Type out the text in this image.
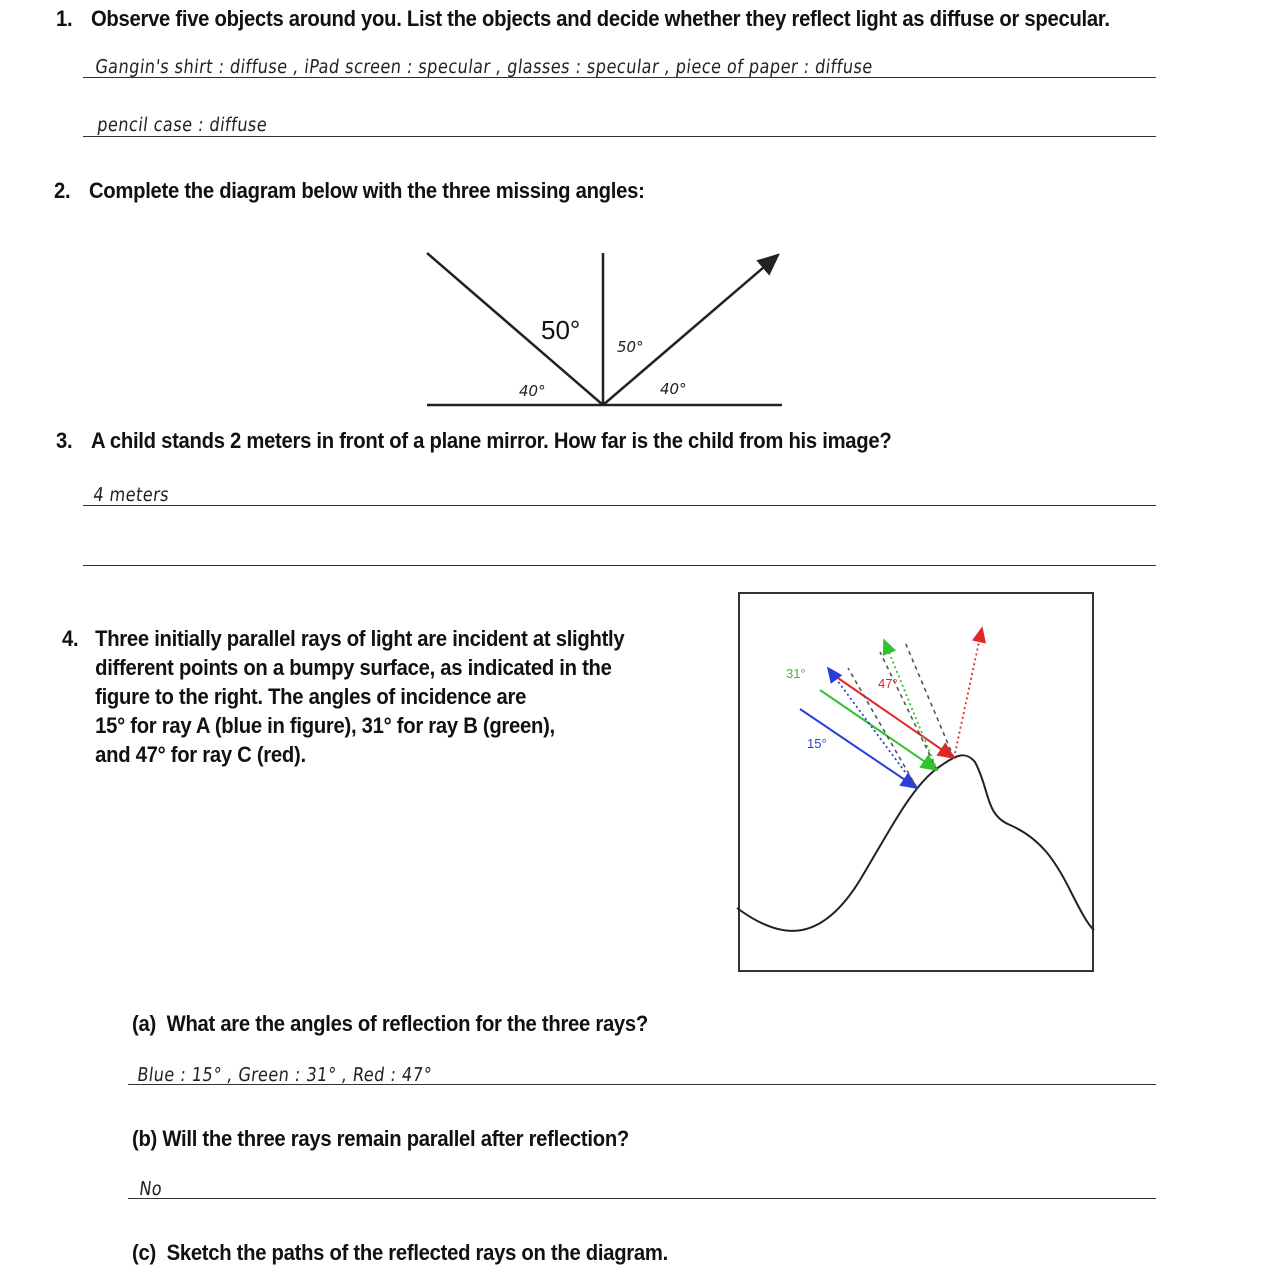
1. Observe five objects around you. List the objects and decide whether they reflect light as diffuse or specular.
Gangin's shirt : diffuse , iPad screen : specular , glasses : specular , piece of paper : diffuse
pencil case : diffuse
2. Complete the diagram below with the three missing angles:
50°
50°
40°	40°
3. A child stands 2 meters in front of a plane mirror. How far is the child from his image?
4 meters
4. Three initially parallel rays of light are incident at slightly
different points on a bumpy surface, as indicated in the
figure to the right. The angles of incidence are
15° for ray A (blue in figure), 31° for ray B (green),
and 47° for ray C (red).
31°
47°
15°
(a) What are the angles of reflection for the three rays?
Blue : 15° , Green : 31° , Red : 47°
(b) Will the three rays remain parallel after reflection?
No
(c) Sketch the paths of the reflected rays on the diagram.
